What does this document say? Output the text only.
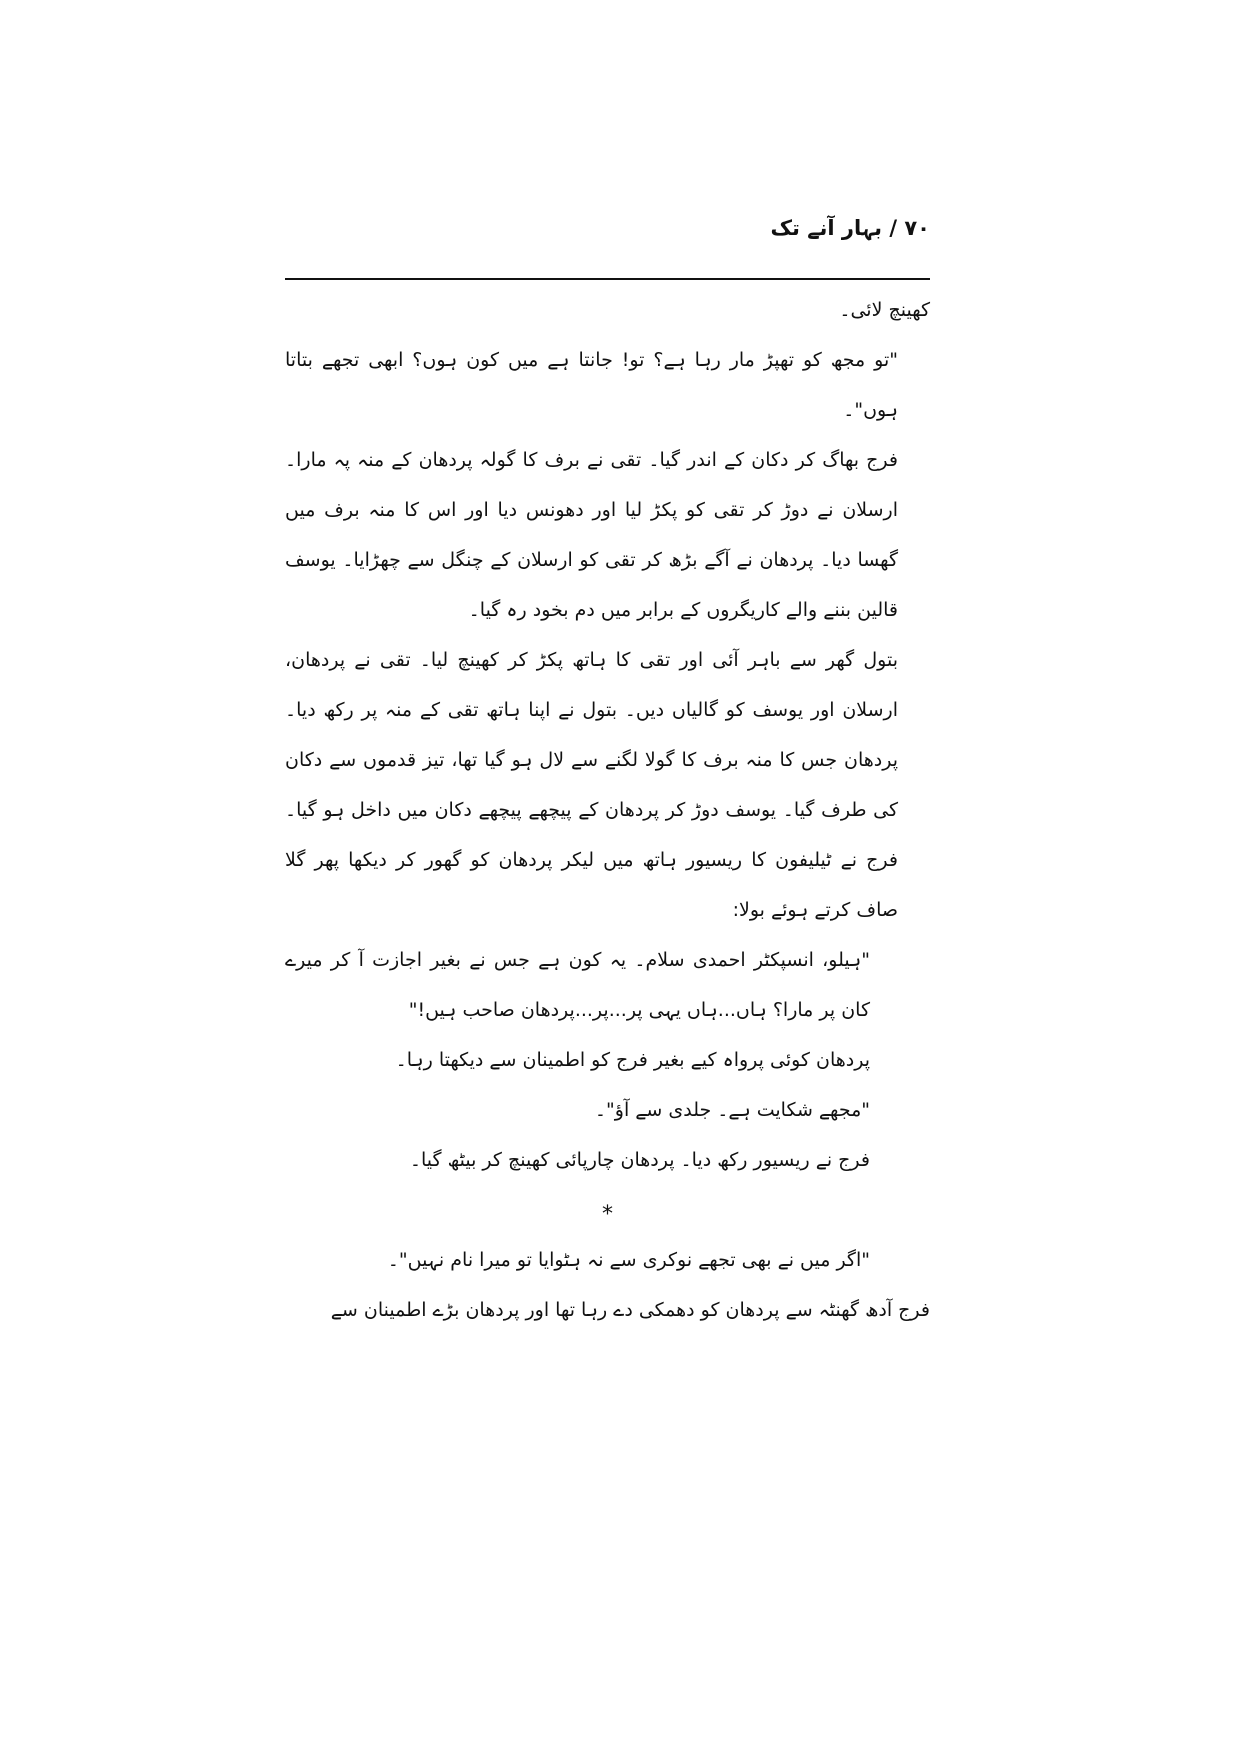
۷۰ / بہار آنے تک

کھینچ لائی۔

"تو مجھ کو تھپڑ مار رہا ہے؟ تو! جانتا ہے میں کون ہوں؟ ابھی تجھے بتاتا ہوں"۔

فرج بھاگ کر دکان کے اندر گیا۔ تقی نے برف کا گولہ پردھان کے منہ پہ مارا۔ ارسلان نے دوڑ کر تقی کو پکڑ لیا اور دھونس دیا اور اس کا منہ برف میں گھسا دیا۔ پردھان نے آگے بڑھ کر تقی کو ارسلان کے چنگل سے چھڑایا۔ یوسف قالین بننے والے کاریگروں کے برابر میں دم بخود رہ گیا۔

بتول گھر سے باہر آئی اور تقی کا ہاتھ پکڑ کر کھینچ لیا۔ تقی نے پردھان، ارسلان اور یوسف کو گالیاں دیں۔ بتول نے اپنا ہاتھ تقی کے منہ پر رکھ دیا۔ پردھان جس کا منہ برف کا گولا لگنے سے لال ہو گیا تھا، تیز قدموں سے دکان کی طرف گیا۔ یوسف دوڑ کر پردھان کے پیچھے پیچھے دکان میں داخل ہو گیا۔ فرج نے ٹیلیفون کا ریسیور ہاتھ میں لیکر پردھان کو گھور کر دیکھا پھر گلا صاف کرتے ہوئے بولا:

"ہیلو، انسپکٹر احمدی سلام۔ یہ کون ہے جس نے بغیر اجازت آ کر میرے کان پر مارا؟ ہاں...ہاں یہی پر...پر...پردھان صاحب ہیں!"

پردھان کوئی پرواہ کیے بغیر فرج کو اطمینان سے دیکھتا رہا۔

"مجھے شکایت ہے۔ جلدی سے آؤ"۔

فرج نے ریسیور رکھ دیا۔ پردھان چارپائی کھینچ کر بیٹھ گیا۔

*

"اگر میں نے بھی تجھے نوکری سے نہ ہٹوایا تو میرا نام نہیں"۔

فرج آدھ گھنٹہ سے پردھان کو دھمکی دے رہا تھا اور پردھان بڑے اطمینان سے
